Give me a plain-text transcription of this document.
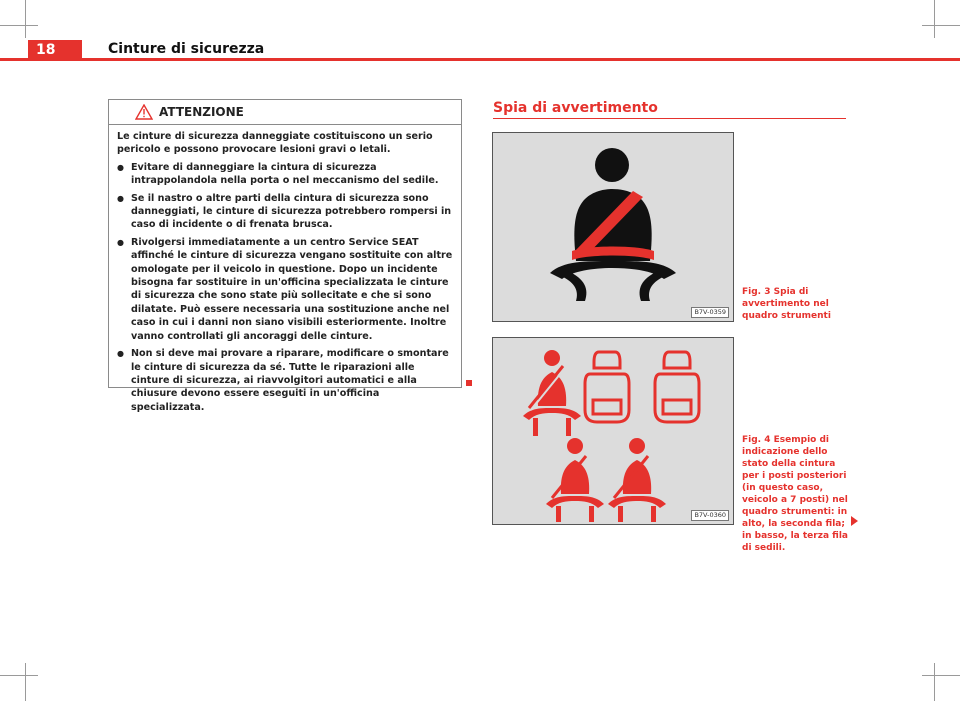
18	Cinture di sicurezza
ATTENZIONE

Le cinture di sicurezza danneggiate costituiscono un serio pericolo e possono provocare lesioni gravi o letali.

● Evitare di danneggiare la cintura di sicurezza intrappolandola nella porta o nel meccanismo del sedile.

● Se il nastro o altre parti della cintura di sicurezza sono danneggiati, le cinture di sicurezza potrebbero rompersi in caso di incidente o di frenata brusca.

● Rivolgersi immediatamente a un centro Service SEAT affinché le cinture di sicurezza vengano sostituite con altre omologate per il veicolo in questione. Dopo un incidente bisogna far sostituire in un'officina specializzata le cinture di sicurezza che sono state più sollecitate e che si sono dilatate. Può essere necessaria una sostituzione anche nel caso in cui i danni non siano visibili esteriormente. Inoltre vanno controllati gli ancoraggi delle cinture.

● Non si deve mai provare a riparare, modificare o smontare le cinture di sicurezza da sé. Tutte le riparazioni alle cinture di sicurezza, ai riavvolgitori automatici e alla chiusure devono essere eseguiti in un'officina specializzata.

Spia di avvertimento
B7V-0359
Fig. 3 Spia di avvertimento nel quadro strumenti
B7V-0360
Fig. 4 Esempio di indicazione dello stato della cintura per i posti posteriori (in questo caso, veicolo a 7 posti) nel quadro strumenti: in alto, la seconda fila; in basso, la terza fila di sedili.
